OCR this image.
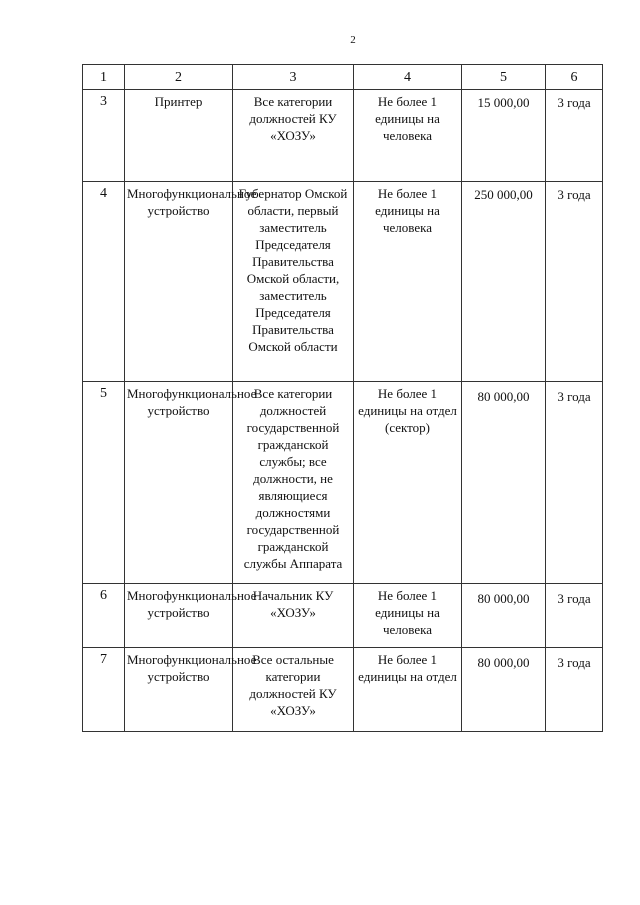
2
1	2	3	4	5	6
3	Принтер	Все категории должностей КУ «ХОЗУ»	Не более 1 единицы на человека	15 000,00	3 года
4	Многофункционaльное устройство	Губернатор Омской области, первый заместитель Председателя Правительства Омской области, заместитель Председателя Правительства Омской области	Не более 1 единицы на человека	250 000,00	3 года
5	Многофункционaльное устройство	Все категории должностей государственной гражданской службы; все должности, не являющиеся должностями государственной гражданской службы Аппарата	Не более 1 единицы на отдел (сектор)	80 000,00	3 года
6	Многофункционaльное устройство	Начальник КУ «ХОЗУ»	Не более 1 единицы на человека	80 000,00	3 года
7	Многофункционaльное устройство	Все остальные категории должностей КУ «ХОЗУ»	Не более 1 единицы на отдел	80 000,00	3 года
